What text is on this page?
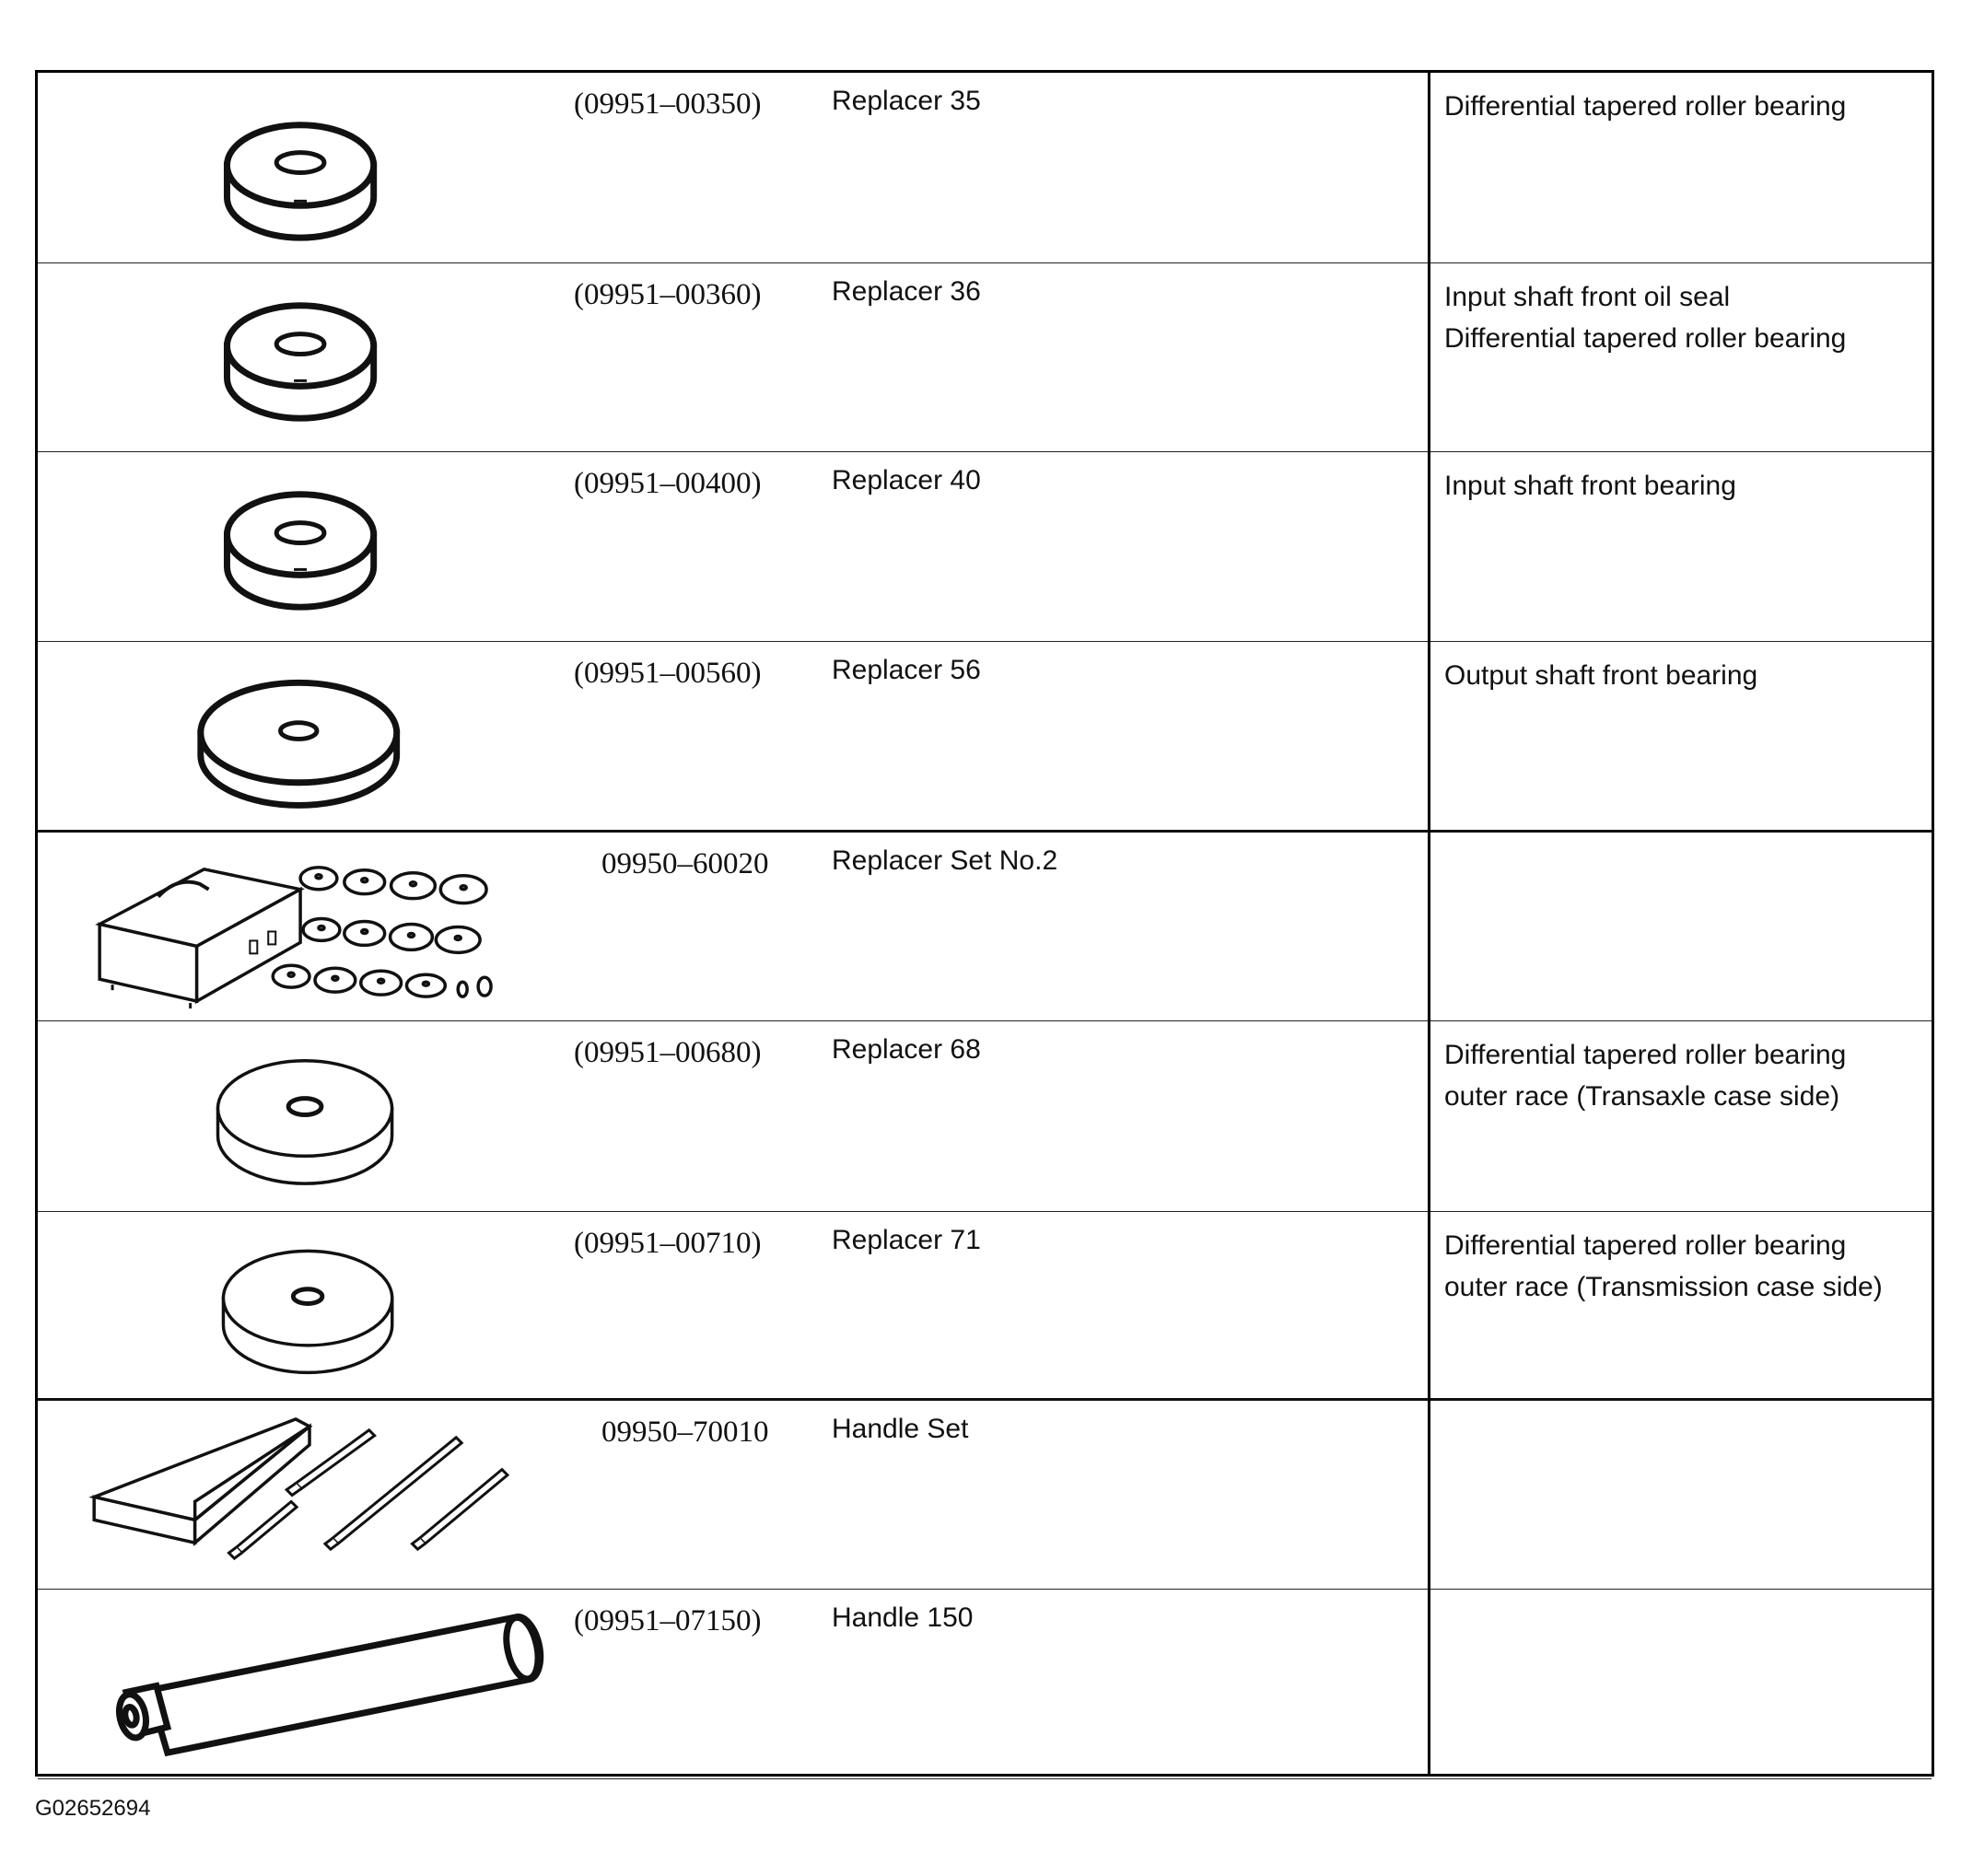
(09951–00350)	Replacer 35	Differential tapered roller bearing
(09951–00360)	Replacer 36	Input shaft front oil seal
Differential tapered roller bearing
(09951–00400)	Replacer 40	Input shaft front bearing
(09951–00560)	Replacer 56	Output shaft front bearing
09950–60020	Replacer Set No.2
(09951–00680)	Replacer 68	Differential tapered roller bearing
outer race (Transaxle case side)
(09951–00710)	Replacer 71	Differential tapered roller bearing
outer race (Transmission case side)
09950–70010	Handle Set
(09951–07150)	Handle 150
G02652694
